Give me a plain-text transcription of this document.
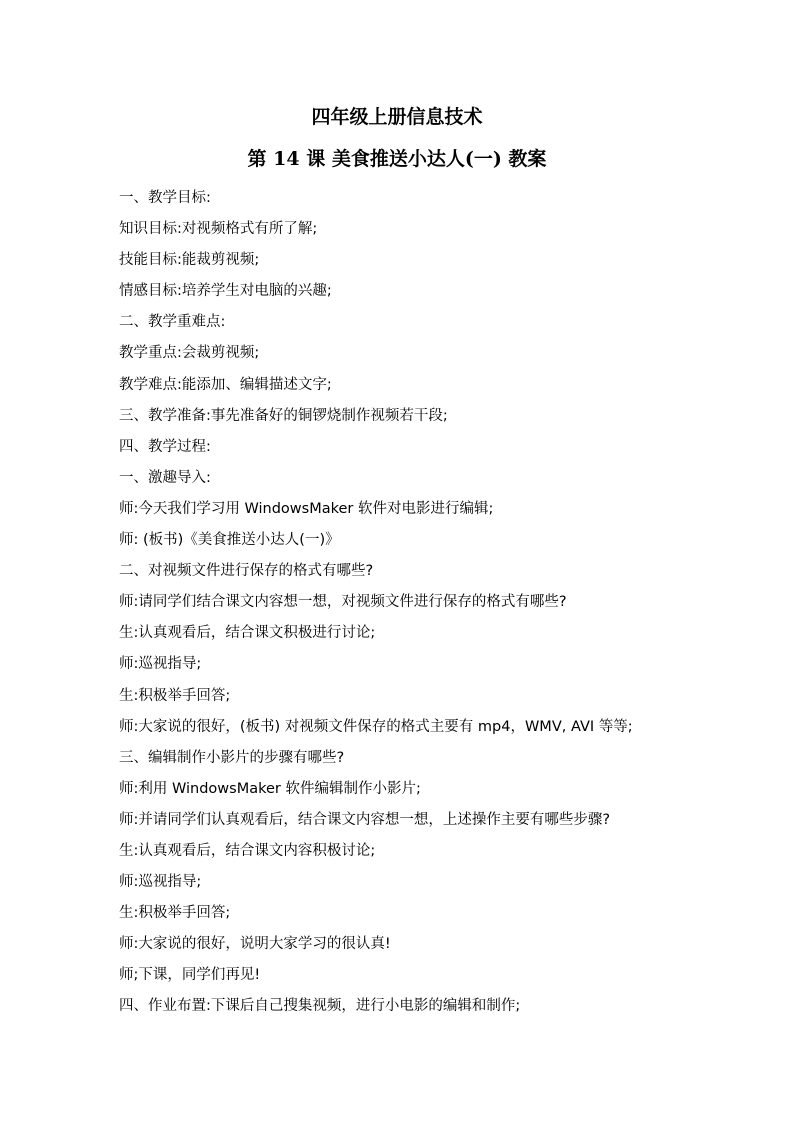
四年级上册信息技术
第 14 课 美食推送小达人(一) 教案
一、教学目标:
知识目标:对视频格式有所了解;
技能目标:能裁剪视频;
情感目标:培养学生对电脑的兴趣;
二、教学重难点:
教学重点:会裁剪视频;
教学难点:能添加、编辑描述文字;
三、教学准备:事先准备好的铜锣烧制作视频若干段;
四、教学过程:
一、激趣导入:
师:今天我们学习用 WindowsMaker 软件对电影进行编辑;
师: (板书)《美食推送小达人(一)》
二、对视频文件进行保存的格式有哪些?
师:请同学们结合课文内容想一想，对视频文件进行保存的格式有哪些?
生:认真观看后，结合课文积极进行讨论;
师:巡视指导;
生:积极举手回答;
师:大家说的很好，(板书) 对视频文件保存的格式主要有 mp4，WMV, AVI 等等;
三、编辑制作小影片的步骤有哪些?
师:利用 WindowsMaker 软件编辑制作小影片;
师:并请同学们认真观看后，结合课文内容想一想，上述操作主要有哪些步骤?
生:认真观看后，结合课文内容积极讨论;
师:巡视指导;
生:积极举手回答;
师:大家说的很好，说明大家学习的很认真!
师;下课，同学们再见!
四、作业布置:下课后自己搜集视频，进行小电影的编辑和制作;
